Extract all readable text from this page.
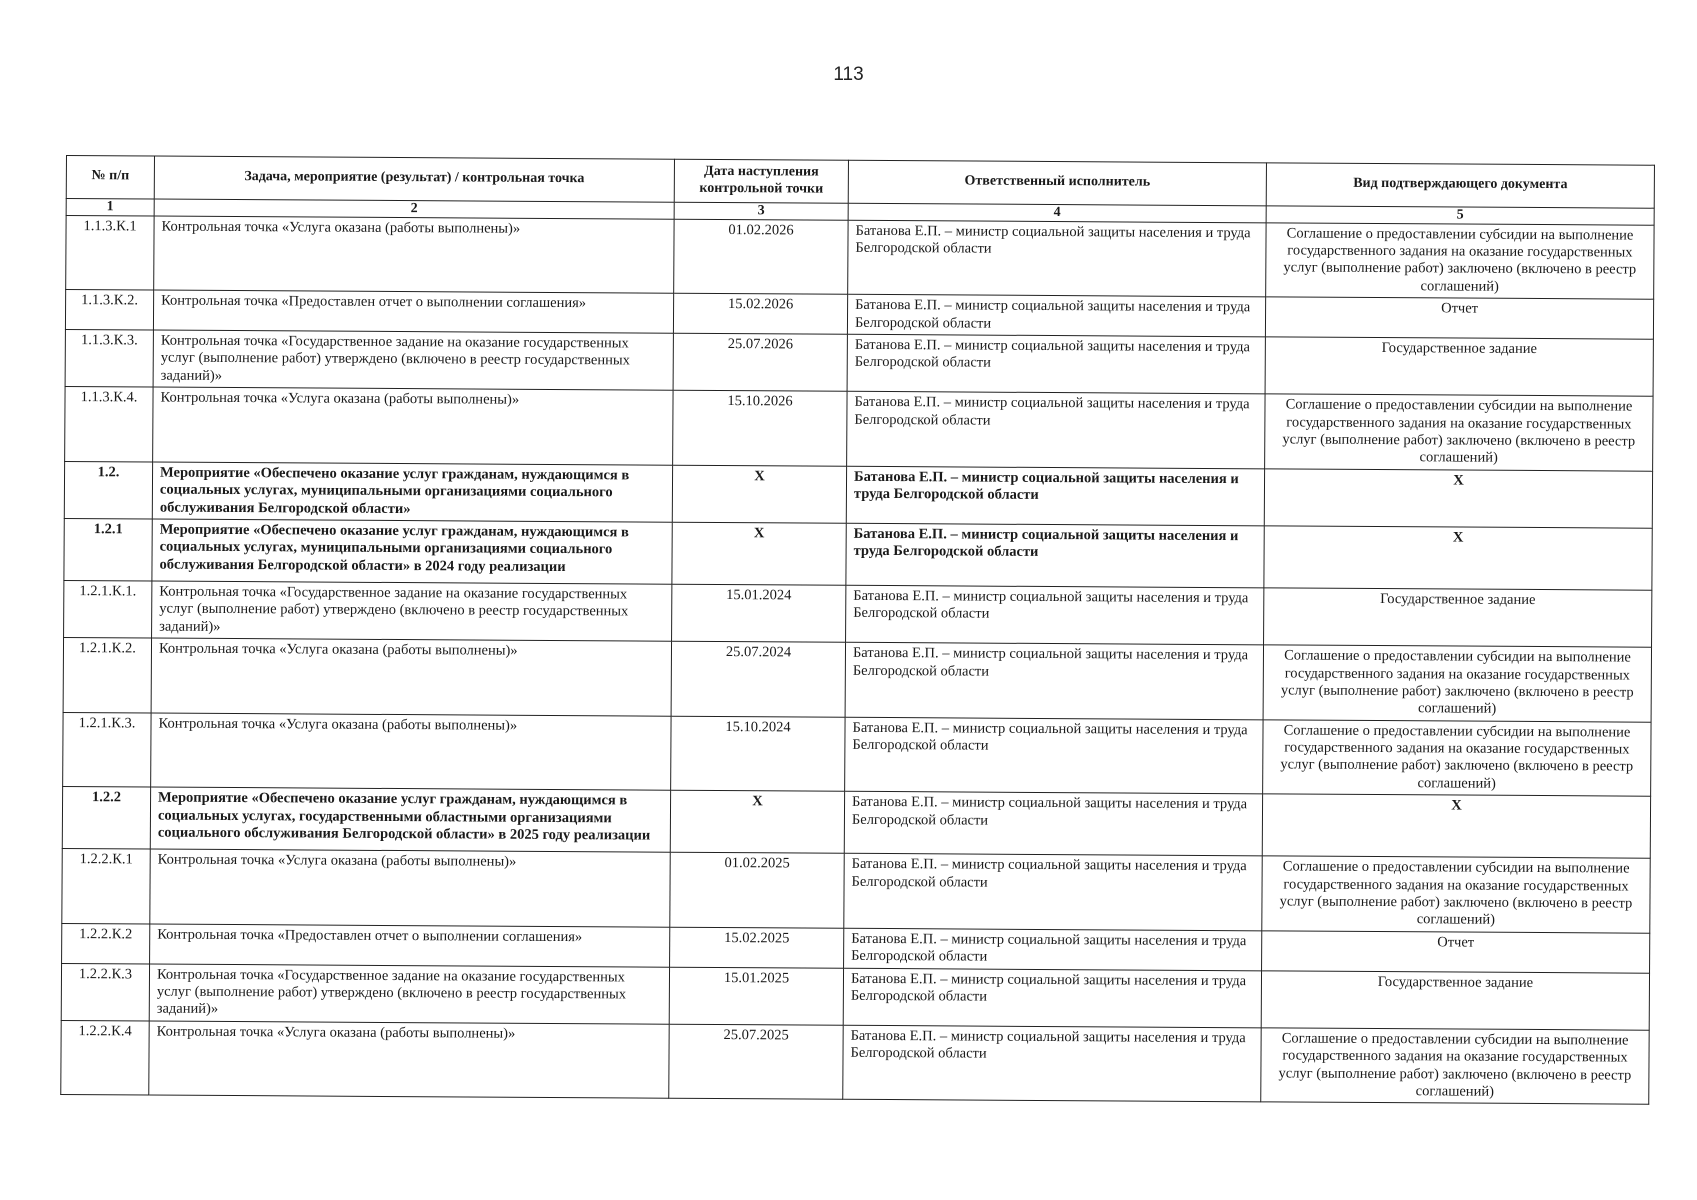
113
№ п/п	Задача, мероприятие (результат) / контрольная точка	Дата наступления контрольной точки	Ответственный исполнитель	Вид подтверждающего документа
1	2	3	4	5
1.1.3.К.1	Контрольная точка «Услуга оказана (работы выполнены)»	01.02.2026	Батанова Е.П. – министр социальной защиты населения и труда Белгородской области	Соглашение о предоставлении субсидии на выполнение государственного задания на оказание государственных услуг (выполнение работ) заключено (включено в реестр соглашений)
1.1.3.К.2.	Контрольная точка «Предоставлен отчет о выполнении соглашения»	15.02.2026	Батанова Е.П. – министр социальной защиты населения и труда Белгородской области	Отчет
1.1.3.К.3.	Контрольная точка «Государственное задание на оказание государственных услуг (выполнение работ) утверждено (включено в реестр государственных заданий)»	25.07.2026	Батанова Е.П. – министр социальной защиты населения и труда Белгородской области	Государственное задание
1.1.3.К.4.	Контрольная точка «Услуга оказана (работы выполнены)»	15.10.2026	Батанова Е.П. – министр социальной защиты населения и труда Белгородской области	Соглашение о предоставлении субсидии на выполнение государственного задания на оказание государственных услуг (выполнение работ) заключено (включено в реестр соглашений)
1.2.	Мероприятие «Обеспечено оказание услуг гражданам, нуждающимся в социальных услугах, муниципальными организациями социального обслуживания Белгородской области»	X	Батанова Е.П. – министр социальной защиты населения и труда Белгородской области	X
1.2.1	Мероприятие «Обеспечено оказание услуг гражданам, нуждающимся в социальных услугах, муниципальными организациями социального обслуживания Белгородской области» в 2024 году реализации	X	Батанова Е.П. – министр социальной защиты населения и труда Белгородской области	X
1.2.1.К.1.	Контрольная точка «Государственное задание на оказание государственных услуг (выполнение работ) утверждено (включено в реестр государственных заданий)»	15.01.2024	Батанова Е.П. – министр социальной защиты населения и труда Белгородской области	Государственное задание
1.2.1.К.2.	Контрольная точка «Услуга оказана (работы выполнены)»	25.07.2024	Батанова Е.П. – министр социальной защиты населения и труда Белгородской области	Соглашение о предоставлении субсидии на выполнение государственного задания на оказание государственных услуг (выполнение работ) заключено (включено в реестр соглашений)
1.2.1.К.3.	Контрольная точка «Услуга оказана (работы выполнены)»	15.10.2024	Батанова Е.П. – министр социальной защиты населения и труда Белгородской области	Соглашение о предоставлении субсидии на выполнение государственного задания на оказание государственных услуг (выполнение работ) заключено (включено в реестр соглашений)
1.2.2	Мероприятие «Обеспечено оказание услуг гражданам, нуждающимся в социальных услугах, государственными областными организациями социального обслуживания Белгородской области» в 2025 году реализации	X	Батанова Е.П. – министр социальной защиты населения и труда Белгородской области	X
1.2.2.К.1	Контрольная точка «Услуга оказана (работы выполнены)»	01.02.2025	Батанова Е.П. – министр социальной защиты населения и труда Белгородской области	Соглашение о предоставлении субсидии на выполнение государственного задания на оказание государственных услуг (выполнение работ) заключено (включено в реестр соглашений)
1.2.2.К.2	Контрольная точка «Предоставлен отчет о выполнении соглашения»	15.02.2025	Батанова Е.П. – министр социальной защиты населения и труда Белгородской области	Отчет
1.2.2.К.3	Контрольная точка «Государственное задание на оказание государственных услуг (выполнение работ) утверждено (включено в реестр государственных заданий)»	15.01.2025	Батанова Е.П. – министр социальной защиты населения и труда Белгородской области	Государственное задание
1.2.2.К.4	Контрольная точка «Услуга оказана (работы выполнены)»	25.07.2025	Батанова Е.П. – министр социальной защиты населения и труда Белгородской области	Соглашение о предоставлении субсидии на выполнение государственного задания на оказание государственных услуг (выполнение работ) заключено (включено в реестр соглашений)
